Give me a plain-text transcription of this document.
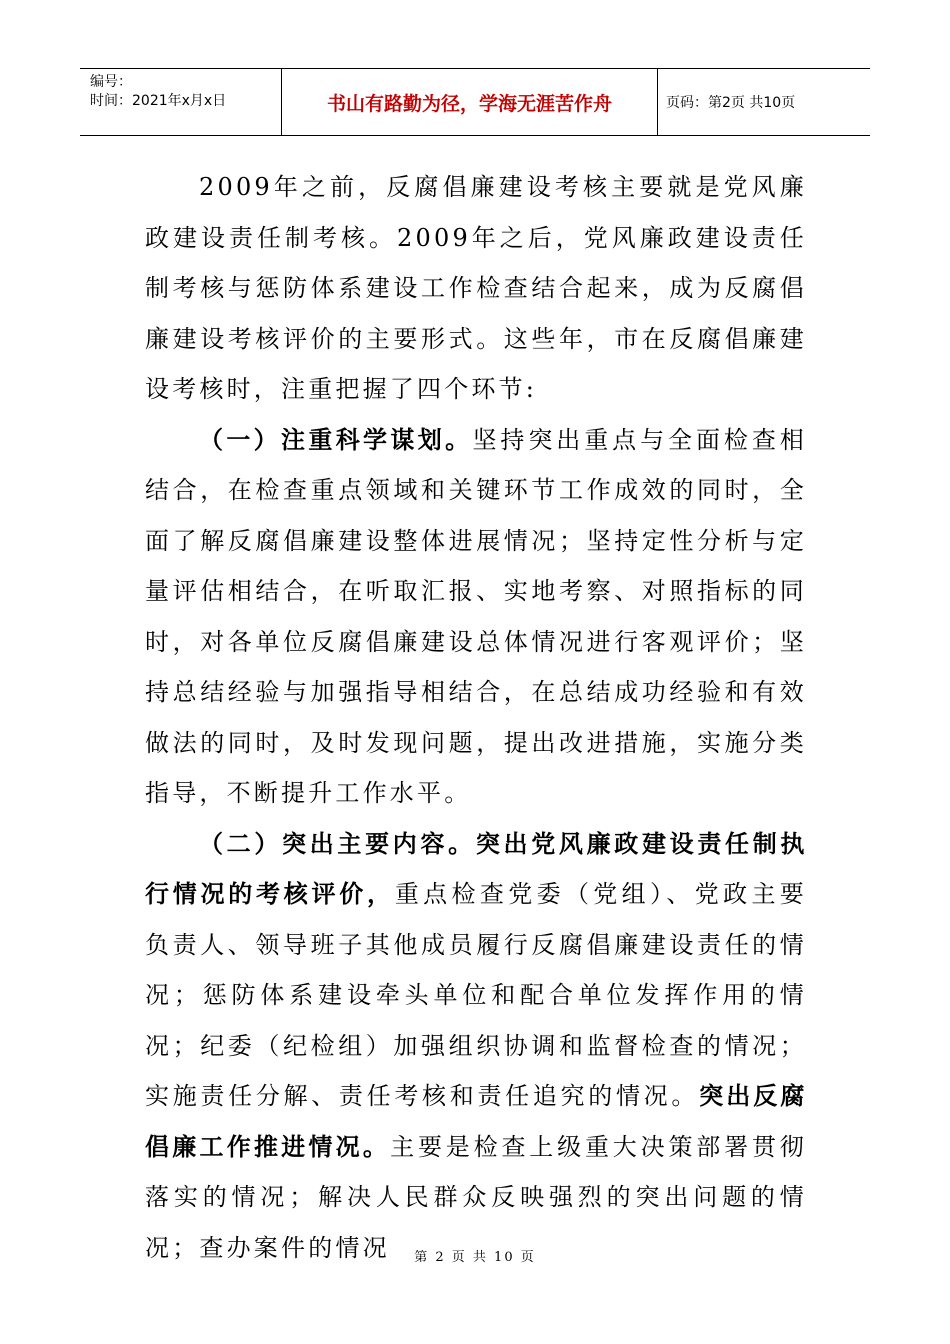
编号：
时间：2021年x月x日	书山有路勤为径，学海无涯苦作舟	页码：第2页 共10页

2009年之前，反腐倡廉建设考核主要就是党风廉政建设责任制考核。2009年之后，党风廉政建设责任制考核与惩防体系建设工作检查结合起来，成为反腐倡廉建设考核评价的主要形式。这些年，市在反腐倡廉建设考核时，注重把握了四个环节:

（一）注重科学谋划。坚持突出重点与全面检查相结合，在检查重点领域和关键环节工作成效的同时，全面了解反腐倡廉建设整体进展情况；坚持定性分析与定量评估相结合，在听取汇报、实地考察、对照指标的同时，对各单位反腐倡廉建设总体情况进行客观评价；坚持总结经验与加强指导相结合，在总结成功经验和有效做法的同时，及时发现问题，提出改进措施，实施分类指导，不断提升工作水平。

（二）突出主要内容。突出党风廉政建设责任制执行情况的考核评价，重点检查党委（党组）、党政主要负责人、领导班子其他成员履行反腐倡廉建设责任的情况；惩防体系建设牵头单位和配合单位发挥作用的情况；纪委（纪检组）加强组织协调和监督检查的情况；实施责任分解、责任考核和责任追究的情况。突出反腐倡廉工作推进情况。主要是检查上级重大决策部署贯彻落实的情况；解决人民群众反映强烈的突出问题的情况；查办案件的情况	第 2 页 共 10 页
